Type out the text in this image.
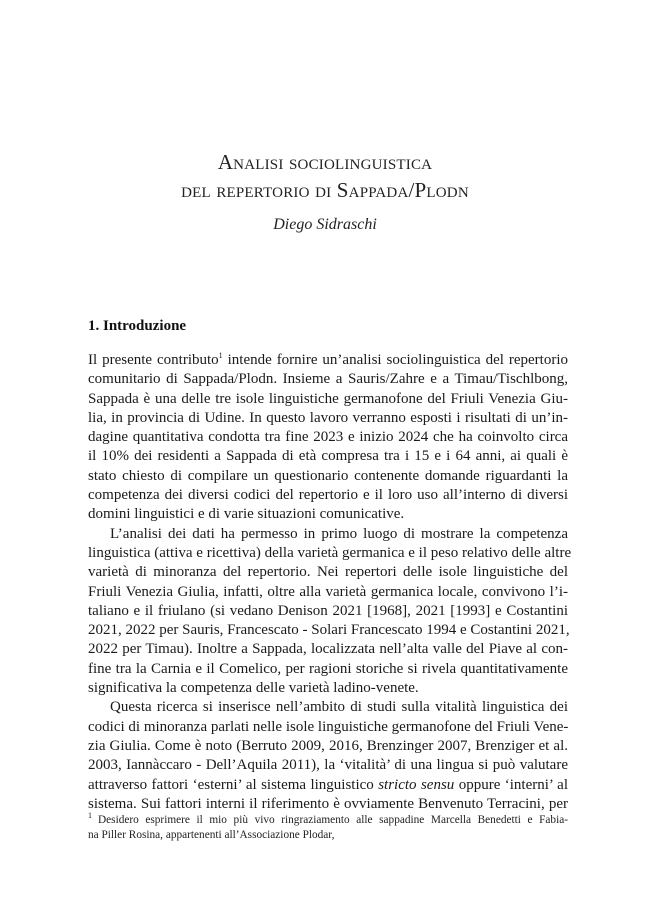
Analisi sociolinguistica
del repertorio di Sappada/Plodn
Diego Sidraschi
1. Introduzione

Il presente contributo$^1$ intende fornire un’analisi sociolinguistica del repertorio
comunitario di Sappada/Plodn. Insieme a Sauris/Zahre e a Timau/Tischlbong,
Sappada è una delle tre isole linguistiche germanofone del Friuli Venezia Giu-
lia, in provincia di Udine. In questo lavoro verranno esposti i risultati di un’in-
dagine quantitativa condotta tra fine 2023 e inizio 2024 che ha coinvolto circa
il 10% dei residenti a Sappada di età compresa tra i 15 e i 64 anni, ai quali è
stato chiesto di compilare un questionario contenente domande riguardanti la
competenza dei diversi codici del repertorio e il loro uso all’interno di diversi
domini linguistici e di varie situazioni comunicative.

L’analisi dei dati ha permesso in primo luogo di mostrare la competenza
linguistica (attiva e ricettiva) della varietà germanica e il peso relativo delle altre
varietà di minoranza del repertorio. Nei repertori delle isole linguistiche del
Friuli Venezia Giulia, infatti, oltre alla varietà germanica locale, convivono l’i-
taliano e il friulano (si vedano Denison 2021 [1968], 2021 [1993] e Costantini
2021, 2022 per Sauris, Francescato - Solari Francescato 1994 e Costantini 2021,
2022 per Timau). Inoltre a Sappada, localizzata nell’alta valle del Piave al con-
fine tra la Carnia e il Comelico, per ragioni storiche si rivela quantitativamente
significativa la competenza delle varietà ladino-venete.

Questa ricerca si inserisce nell’ambito di studi sulla vitalità linguistica dei
codici di minoranza parlati nelle isole linguistiche germanofone del Friuli Vene-
zia Giulia. Come è noto (Berruto 2009, 2016, Brenzinger 2007, Brenziger et al.
2003, Iannàccaro - Dell’Aquila 2011), la ‘vitalità’ di una lingua si può valutare
attraverso fattori ‘esterni’ al sistema linguistico stricto sensu oppure ‘interni’ al
sistema. Sui fattori interni il riferimento è ovviamente Benvenuto Terracini, per

$^1$ Desidero esprimere il mio più vivo ringraziamento alle sappadine Marcella Benedetti e Fabia-
na Piller Rosina, appartenenti all’Associazione Plodar,
